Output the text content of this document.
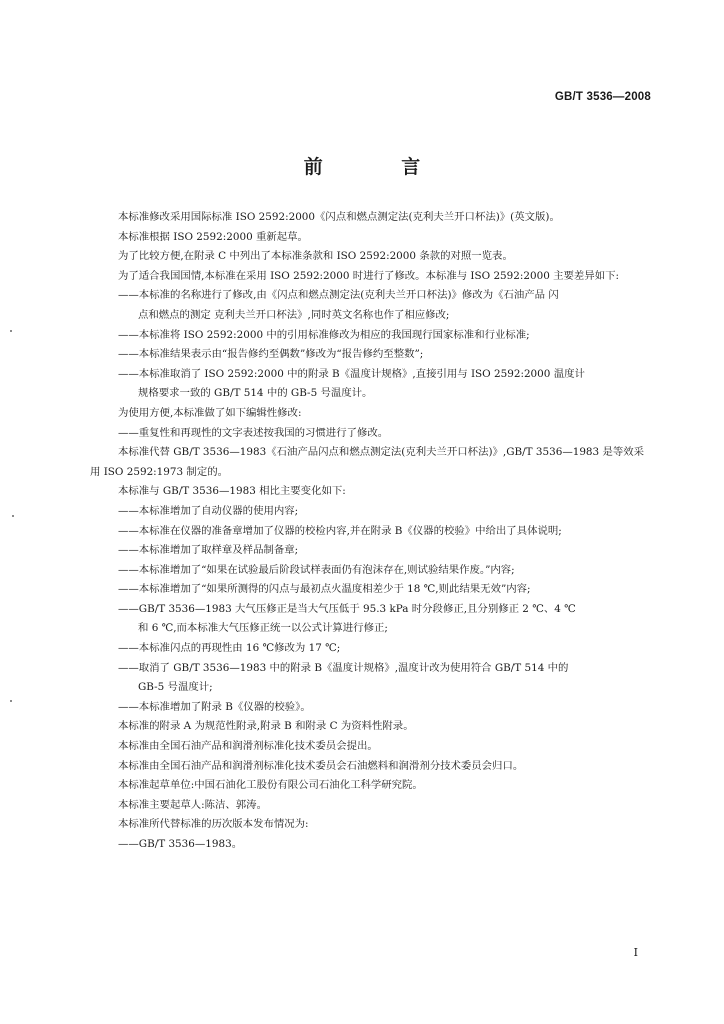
GB/T 3536—2008
前 言

本标准修改采用国际标准 ISO 2592:2000《闪点和燃点测定法(克利夫兰开口杯法)》(英文版)。

本标准根据 ISO 2592:2000 重新起草。

为了比较方便,在附录 C 中列出了本标准条款和 ISO 2592:2000 条款的对照一览表。

为了适合我国国情,本标准在采用 ISO 2592:2000 时进行了修改。本标准与 ISO 2592:2000 主要差异如下:

——本标准的名称进行了修改,由《闪点和燃点测定法(克利夫兰开口杯法)》修改为《石油产品 闪
点和燃点的测定 克利夫兰开口杯法》,同时英文名称也作了相应修改;

——本标准将 ISO 2592:2000 中的引用标准修改为相应的我国现行国家标准和行业标准;

——本标准结果表示由“报告修约至偶数”修改为“报告修约至整数”;

——本标准取消了 ISO 2592:2000 中的附录 B《温度计规格》,直接引用与 ISO 2592:2000 温度计
规格要求一致的 GB/T 514 中的 GB-5 号温度计。

为使用方便,本标准做了如下编辑性修改:

——重复性和再现性的文字表述按我国的习惯进行了修改。

本标准代替 GB/T 3536—1983《石油产品闪点和燃点测定法(克利夫兰开口杯法)》,GB/T 3536—1983 是等效采用 ISO 2592:1973 制定的。

本标准与 GB/T 3536—1983 相比主要变化如下:

——本标准增加了自动仪器的使用内容;

——本标准在仪器的准备章增加了仪器的校检内容,并在附录 B《仪器的校验》中给出了具体说明;

——本标准增加了取样章及样品制备章;

——本标准增加了“如果在试验最后阶段试样表面仍有泡沫存在,则试验结果作废。”内容;

——本标准增加了“如果所测得的闪点与最初点火温度相差少于 18 ℃,则此结果无效”内容;

——GB/T 3536—1983 大气压修正是当大气压低于 95.3 kPa 时分段修正,且分别修正 2 ℃、4 ℃
和 6 ℃,而本标准大气压修正统一以公式计算进行修正;

——本标准闪点的再现性由 16 ℃修改为 17 ℃;

——取消了 GB/T 3536—1983 中的附录 B《温度计规格》,温度计改为使用符合 GB/T 514 中的
GB-5 号温度计;

——本标准增加了附录 B《仪器的校验》。

本标准的附录 A 为规范性附录,附录 B 和附录 C 为资料性附录。

本标准由全国石油产品和润滑剂标准化技术委员会提出。

本标准由全国石油产品和润滑剂标准化技术委员会石油燃料和润滑剂分技术委员会归口。

本标准起草单位:中国石油化工股份有限公司石油化工科学研究院。

本标准主要起草人:陈洁、郭涛。

本标准所代替标准的历次版本发布情况为:

——GB/T 3536—1983。

I
